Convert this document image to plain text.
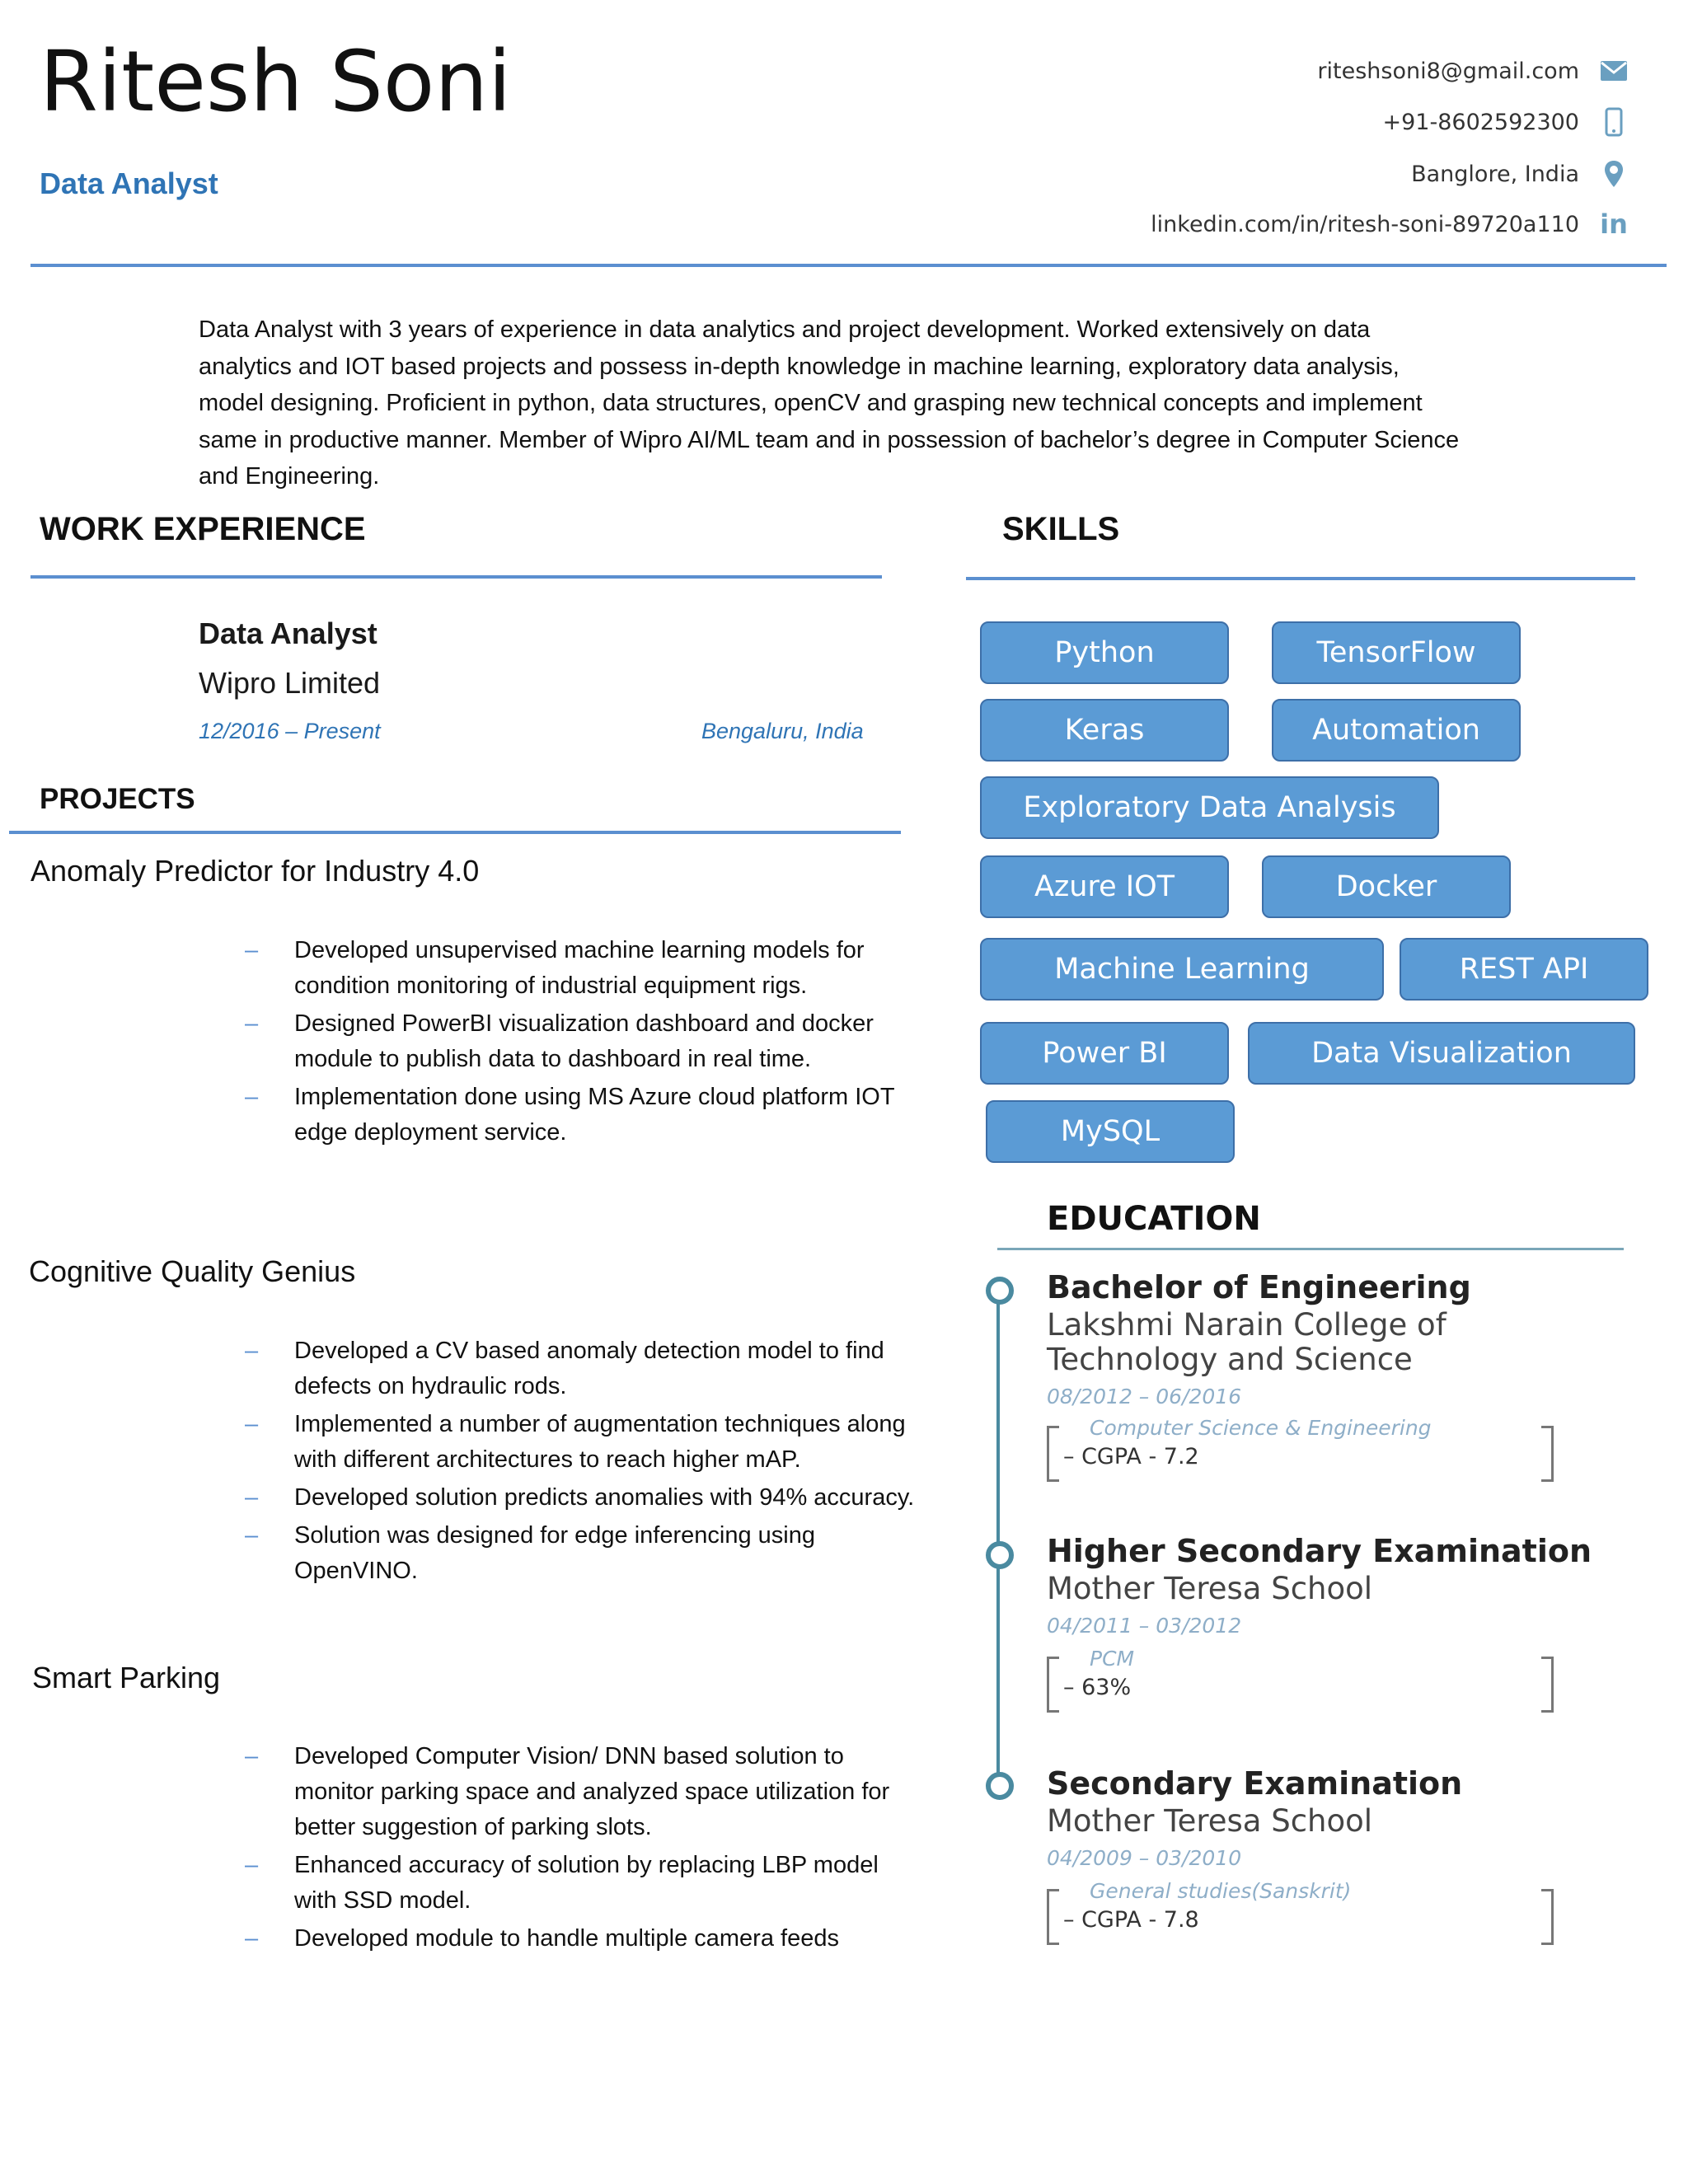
Ritesh Soni
Data Analyst
riteshsoni8@gmail.com
+91-8602592300
Banglore, India
linkedin.com/in/ritesh-soni-89720a110 in
Data Analyst with 3 years of experience in data analytics and project development. Worked extensively on data analytics and IOT based projects and possess in-depth knowledge in machine learning, exploratory data analysis, model designing. Proficient in python, data structures, openCV and grasping new technical concepts and implement same in productive manner. Member of Wipro AI/ML team and in possession of bachelor’s degree in Computer Science and Engineering.
WORK EXPERIENCE
Data Analyst
Wipro Limited
12/2016 – Present	Bengaluru, India
PROJECTS
Anomaly Predictor for Industry 4.0
– Developed unsupervised machine learning models for condition monitoring of industrial equipment rigs.
– Designed PowerBI visualization dashboard and docker module to publish data to dashboard in real time.
– Implementation done using MS Azure cloud platform IOT edge deployment service.
Cognitive Quality Genius
– Developed a CV based anomaly detection model to find defects on hydraulic rods.
– Implemented a number of augmentation techniques along with different architectures to reach higher mAP.
– Developed solution predicts anomalies with 94% accuracy.
– Solution was designed for edge inferencing using OpenVINO.
Smart Parking
– Developed Computer Vision/ DNN based solution to monitor parking space and analyzed space utilization for better suggestion of parking slots.
– Enhanced accuracy of solution by replacing LBP model with SSD model.
– Developed module to handle multiple camera feeds
SKILLS
Python	TensorFlow
Keras	Automation
Exploratory Data Analysis
Azure IOT	Docker
Machine Learning	REST API
Power BI	Data Visualization
MySQL
EDUCATION
Bachelor of Engineering
Lakshmi Narain College of
Technology and Science
08/2012 – 06/2016
Computer Science & Engineering
– CGPA - 7.2
Higher Secondary Examination
Mother Teresa School
04/2011 – 03/2012
PCM
– 63%
Secondary Examination
Mother Teresa School
04/2009 – 03/2010
General studies(Sanskrit)
– CGPA - 7.8
